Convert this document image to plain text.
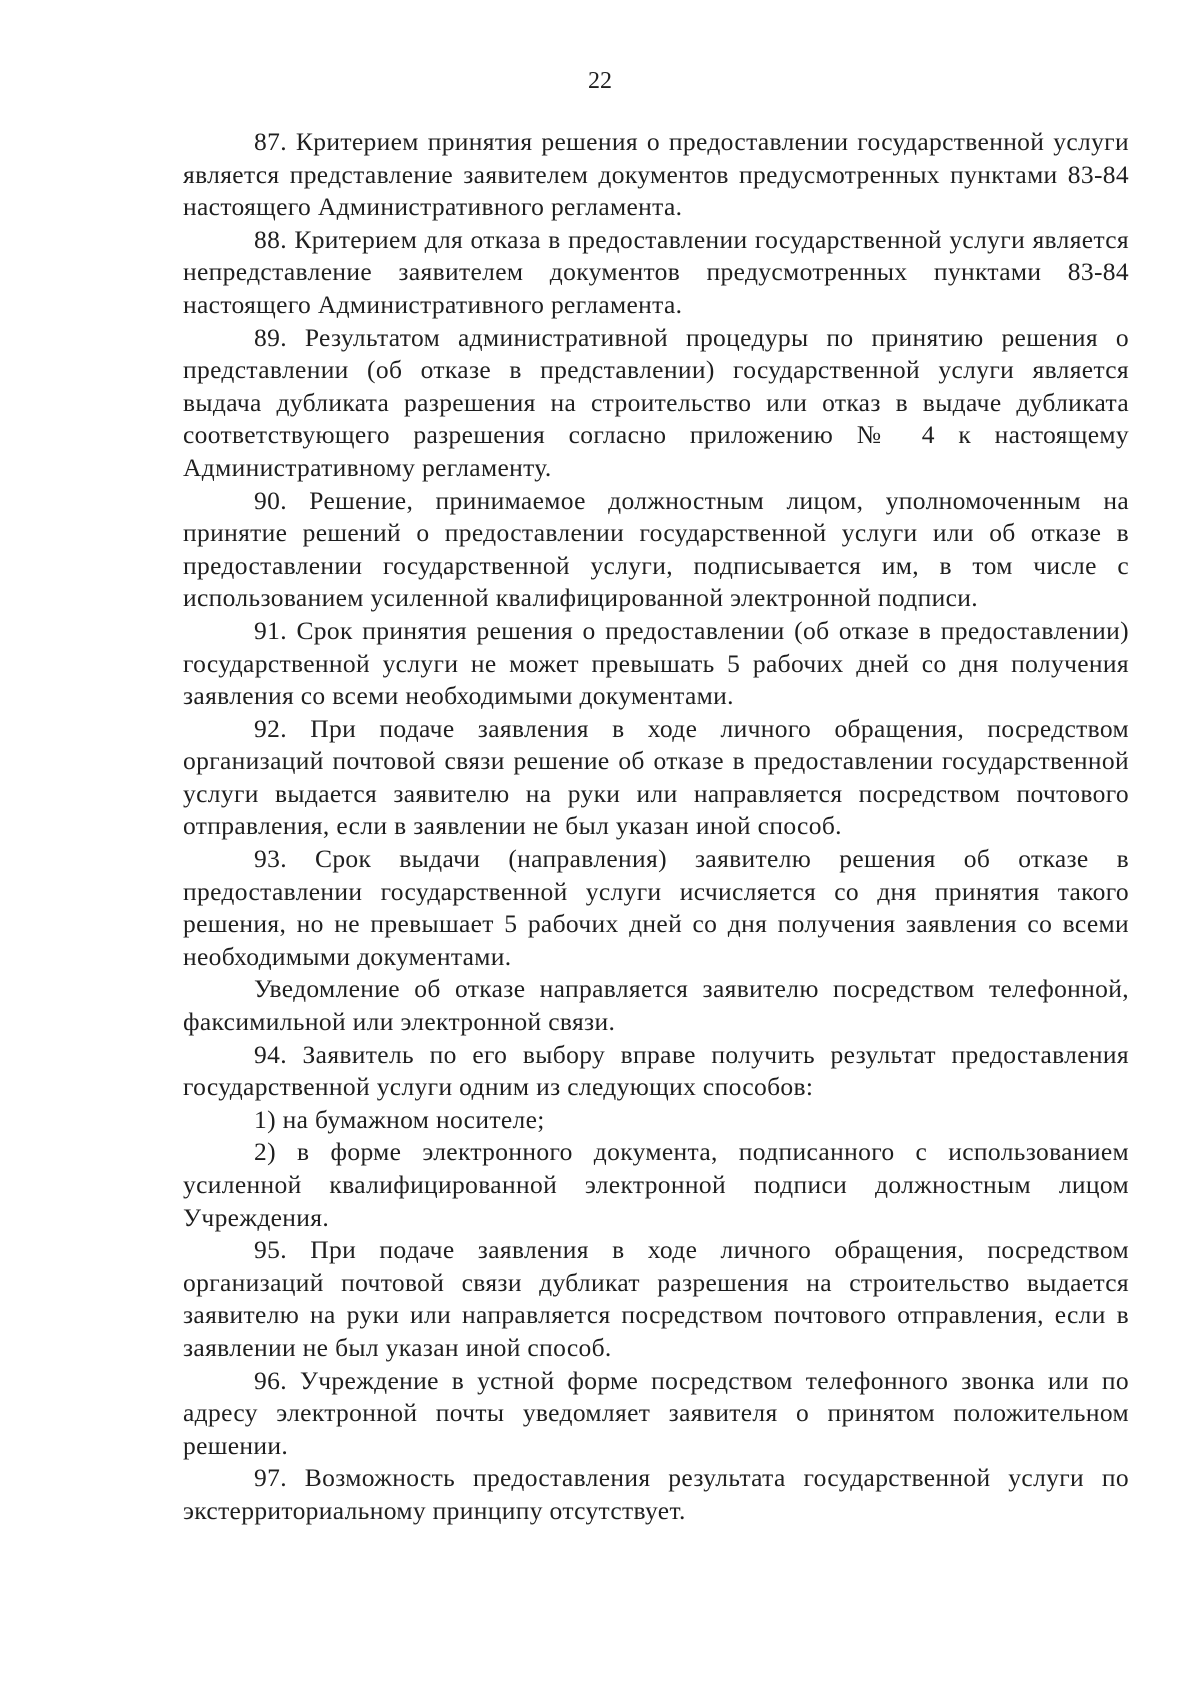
22

87. Критерием принятия решения о предоставлении государственной услуги является представление заявителем документов предусмотренных пунктами 83-84 настоящего Административного регламента.

88. Критерием для отказа в предоставлении государственной услуги является непредставление заявителем документов предусмотренных пунктами 83-84 настоящего Административного регламента.

89. Результатом административной процедуры по принятию решения о представлении (об отказе в представлении) государственной услуги является выдача дубликата разрешения на строительство или отказ в выдаче дубликата соответствующего разрешения согласно приложению № 4 к настоящему Административному регламенту.

90. Решение, принимаемое должностным лицом, уполномоченным на принятие решений о предоставлении государственной услуги или об отказе в предоставлении государственной услуги, подписывается им, в том числе с использованием усиленной квалифицированной электронной подписи.

91. Срок принятия решения о предоставлении (об отказе в предоставлении) государственной услуги не может превышать 5 рабочих дней со дня получения заявления со всеми необходимыми документами.

92. При подаче заявления в ходе личного обращения, посредством организаций почтовой связи решение об отказе в предоставлении государственной услуги выдается заявителю на руки или направляется посредством почтового отправления, если в заявлении не был указан иной способ.

93. Срок выдачи (направления) заявителю решения об отказе в предоставлении государственной услуги исчисляется со дня принятия такого решения, но не превышает 5 рабочих дней со дня получения заявления со всеми необходимыми документами.

Уведомление об отказе направляется заявителю посредством телефонной, факсимильной или электронной связи.

94. Заявитель по его выбору вправе получить результат предоставления государственной услуги одним из следующих способов:

1) на бумажном носителе;

2) в форме электронного документа, подписанного с использованием усиленной квалифицированной электронной подписи должностным лицом Учреждения.

95. При подаче заявления в ходе личного обращения, посредством организаций почтовой связи дубликат разрешения на строительство выдается заявителю на руки или направляется посредством почтового отправления, если в заявлении не был указан иной способ.

96. Учреждение в устной форме посредством телефонного звонка или по адресу электронной почты уведомляет заявителя о принятом положительном решении.

97. Возможность предоставления результата государственной услуги по экстерриториальному принципу отсутствует.
